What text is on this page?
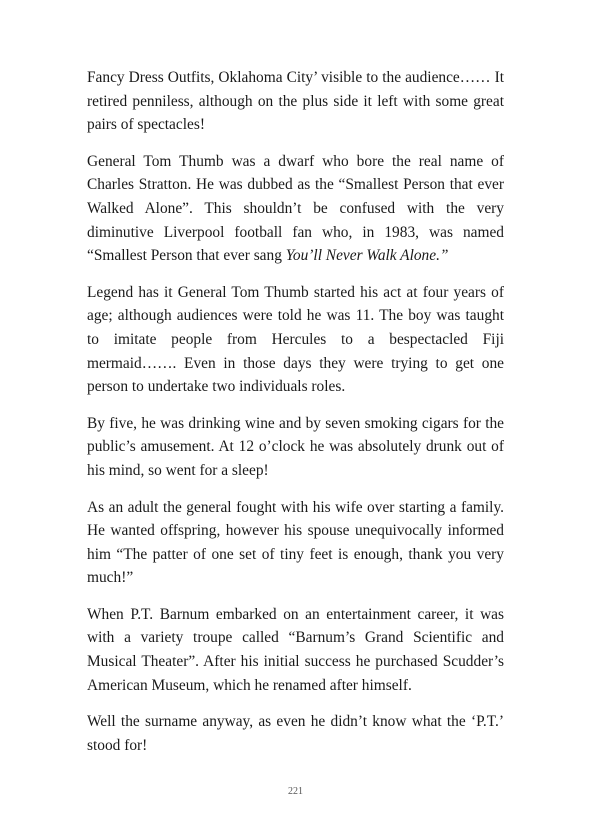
Fancy Dress Outfits, Oklahoma City’ visible to the audience…… It retired penniless, although on the plus side it left with some great pairs of spectacles!

General Tom Thumb was a dwarf who bore the real name of Charles Stratton. He was dubbed as the “Smallest Person that ever Walked Alone”. This shouldn’t be confused with the very diminutive Liverpool football fan who, in 1983, was named “Smallest Person that ever sang You’ll Never Walk Alone.”

Legend has it General Tom Thumb started his act at four years of age; although audiences were told he was 11. The boy was taught to imitate people from Hercules to a bespectacled Fiji mermaid……. Even in those days they were trying to get one person to undertake two individuals roles.

By five, he was drinking wine and by seven smoking cigars for the public’s amusement. At 12 o’clock he was absolutely drunk out of his mind, so went for a sleep!

As an adult the general fought with his wife over starting a family. He wanted offspring, however his spouse unequivocally informed him “The patter of one set of tiny feet is enough, thank you very much!”

When P.T. Barnum embarked on an entertainment career, it was with a variety troupe called “Barnum’s Grand Scientific and Musical Theater”. After his initial success he purchased Scudder’s American Museum, which he renamed after himself.

Well the surname anyway, as even he didn’t know what the ‘P.T.’ stood for!

221
